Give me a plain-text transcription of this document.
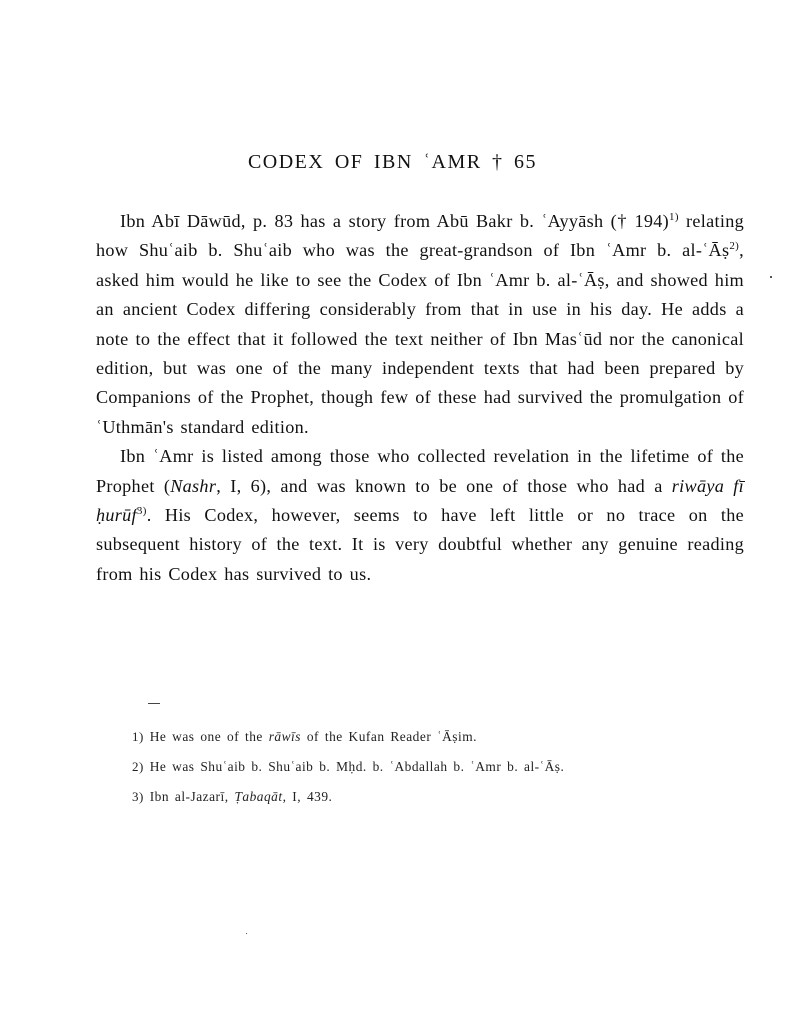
CODEX OF IBN ʿAMR † 65

Ibn Abī Dāwūd, p. 83 has a story from Abū Bakr b. ʿAyyāsh († 194)$^{1)}$ relating how Shuʿaib b. Shuʿaib who was the great-grandson of Ibn ʿAmr b. al-ʿĀṣ$^{2)}$, asked him would he like to see the Codex of Ibn ʿAmr b. al-ʿĀṣ, and showed him an ancient Codex differing considerably from that in use in his day. He adds a note to the effect that it followed the text neither of Ibn Masʿūd nor the canonical edition, but was one of the many independent texts that had been prepared by Companions of the Prophet, though few of these had survived the promulgation of ʿUthmān's standard edition.

Ibn ʿAmr is listed among those who collected revelation in the lifetime of the Prophet (Nashr, I, 6), and was known to be one of those who had a riwāya fī ḥurūf$^{3)}$. His Codex, however, seems to have left little or no trace on the subsequent history of the text. It is very doubtful whether any genuine reading from his Codex has survived to us.

1) He was one of the rāwīs of the Kufan Reader ʿĀṣim.

2) He was Shuʿaib b. Shuʿaib b. Mḥd. b. ʿAbdallah b. ʿAmr b. al-ʿĀṣ.

3) Ibn al-Jazarī, Ṭabaqāt, I, 439.
